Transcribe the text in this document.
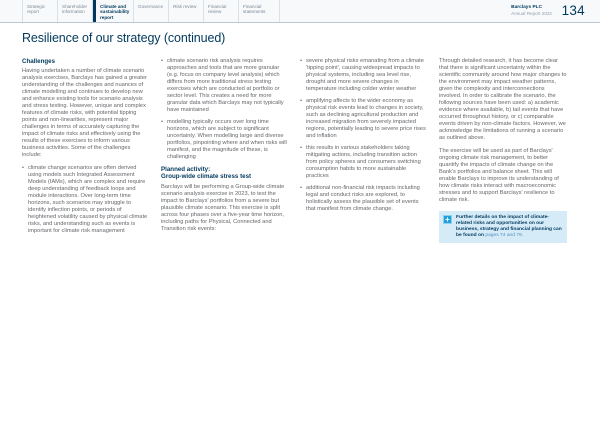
Strategic report
Shareholder information
Climate and sustainability report
Governance	Risk review	Financial review
Financial statements
Barclays PLC
Annual Report 2022 134
Resilience of our strategy (continued)
Challenges
Having undertaken a number of climate scenario analysis exercises, Barclays has gained a greater understanding of the challenges and nuances of climate modelling and continues to develop new and enhance existing tools for scenario analysis and stress testing. However, unique and complex features of climate risks, with potential tipping points and non-linearities, represent major challenges in terms of accurately capturing the impact of climate risks and effectively using the results of these exercises to inform various business activities. Some of the challenges include:
• climate change scenarios are often derived using models such Integrated Assessment Models (IAMs), which are complex and require deep understanding of feedback loops and module interactions. Over long-term time horizons, such scenarios may struggle to identify inflection points, or periods of heightened volatility caused by physical climate risks, and understanding such as events is important for climate risk management
• climate scenario risk analysis requires approaches and tools that are more granular (e.g. focus on company level analysis) which differs from more traditional stress testing exercises which are conducted at portfolio or sector level. This creates a need for more granular data which Barclays may not typically have maintained
• modelling typically occurs over long time horizons, which are subject to significant uncertainty. When modelling large and diverse portfolios, pinpointing where and when risks will manifest, and the magnitude of these, is challenging
Planned activity:
Group-wide climate stress test
Barclays will be performing a Group-wide climate scenario analysis exercise in 2023, to test the impact to Barclays' portfolios from a severe but plausible climate scenario. This exercise is split across four phases over a five-year time horizon, including paths for Physical, Connected and Transition risk events:
• severe physical risks emanating from a climate 'tipping point', causing widespread impacts to physical systems, including sea level rise, drought and more severe changes in temperature including colder winter weather
• amplifying affects to the wider economy as physical risk events lead to changes in society, such as declining agricultural production and increased migration from severely impacted regions, potentially leading to severe price rises and inflation
• this results in various stakeholders taking mitigating actions, including transition action from policy spheres and consumers switching consumption habits to more sustainable practices
• additional non-financial risk impacts including legal and conduct risks are explored, to holistically assess the plausible set of events that manifest from climate change.
Through detailed research, it has become clear that there is significant uncertainty within the scientific community around how major changes to the environment may impact weather patterns, given the complexity and interconnections involved. In order to calibrate the scenario, the following sources have been used: a) academic evidence where available, b) tail events that have occurred throughout history, or c) comparable events driven by non-climate factors. However, we acknowledge the limitations of running a scenario as outlined above.
The exercise will be used as part of Barclays' ongoing climate risk management, to better quantify the impacts of climate change on the Bank's portfolios and balance sheet. This will enable Barclays to improve its understanding of how climate risks interact with macroeconomic stresses and to support Barclays' resilience to climate risk.
+	Further details on the impact of climate-related risks and opportunities on our business, strategy and financial planning can be found on pages 74 and 76.
